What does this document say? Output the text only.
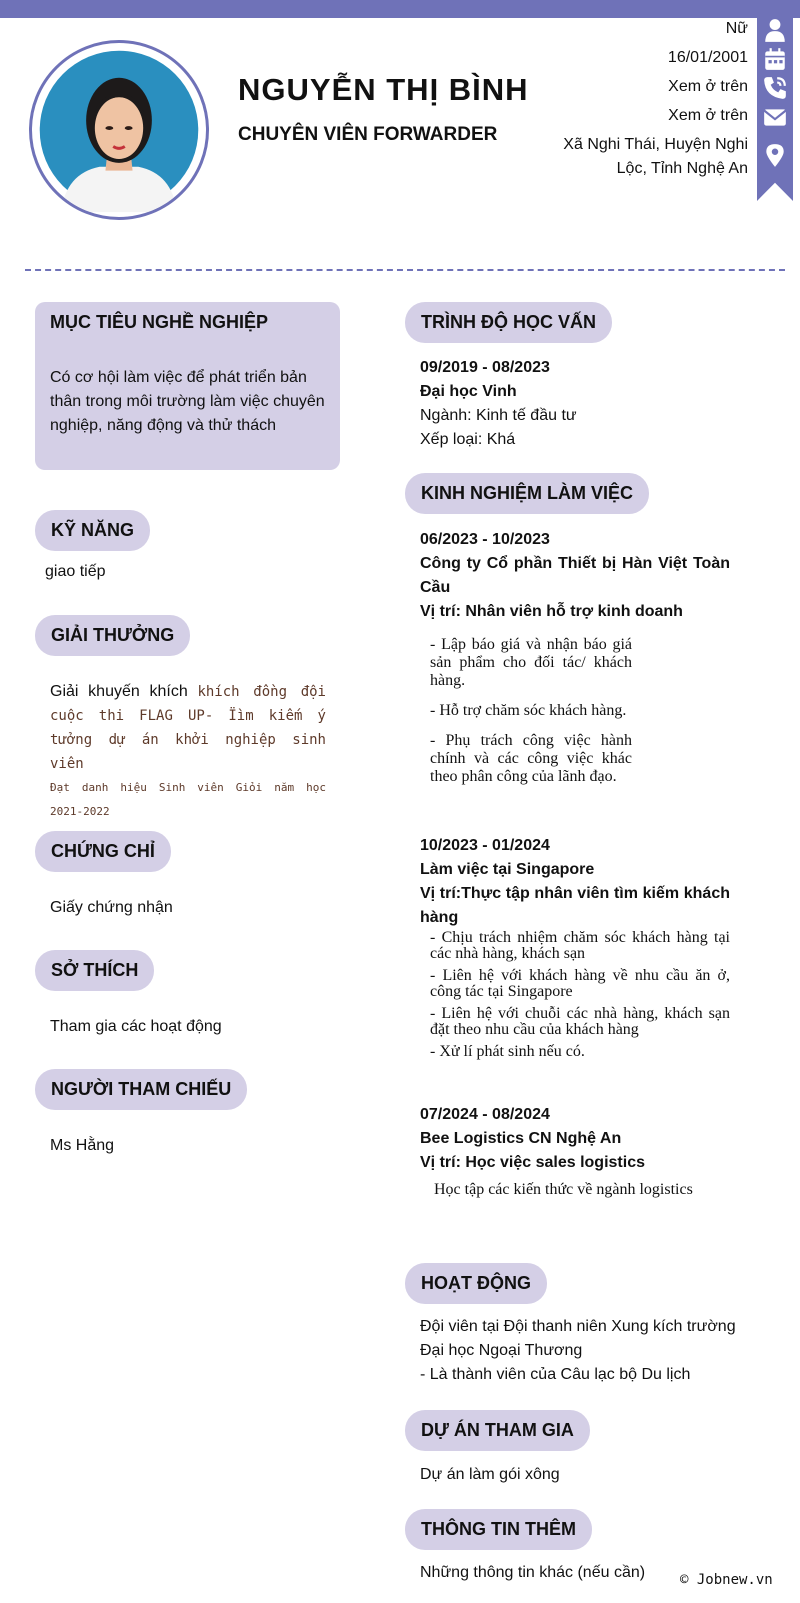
NGUYỄN THỊ BÌNH
CHUYÊN VIÊN FORWARDER
Nữ
16/01/2001
Xem ở trên
Xem ở trên
Xã Nghi Thái, Huyện Nghi
Lộc, Tỉnh Nghệ An
MỤC TIÊU NGHỀ NGHIỆP
Có cơ hội làm việc để phát triển bản
thân trong môi trường làm việc chuyên
nghiệp, năng động và thử thách
KỸ NĂNG
giao tiếp
GIẢI THƯỞNG
Giải khuyến khích khích đồng đội
cuộc thi FLAG UP- Ïìm kiếm ý
tưởng dự án khởi nghiệp sinh viên
Đạt danh hiệu Sinh viên Giỏi năm học
2021-2022
CHỨNG CHỈ
Giấy chứng nhận
SỞ THÍCH
Tham gia các hoạt động
NGƯỜI THAM CHIẾU
Ms Hằng
TRÌNH ĐỘ HỌC VẤN
09/2019 - 08/2023
Đại học Vinh
Ngành: Kinh tế đầu tư
Xếp loại: Khá
KINH NGHIỆM LÀM VIỆC
06/2023 - 10/2023
Công ty Cổ phần Thiết bị Hàn Việt Toàn
Cầu
Vị trí: Nhân viên hỗ trợ kinh doanh
- Lập báo giá và nhận báo giá
sản phẩm cho đối tác/ khách
hàng.
- Hỗ trợ chăm sóc khách hàng.
- Phụ trách công việc hành
chính và các công việc khác
theo phân công của lãnh đạo.
10/2023 - 01/2024
Làm việc tại Singapore
Vị trí:Thực tập nhân viên tìm kiếm khách
hàng
- Chịu trách nhiệm chăm sóc khách hàng tại
các nhà hàng, khách sạn
- Liên hệ với khách hàng về nhu cầu ăn ở,
công tác tại Singapore
- Liên hệ với chuỗi các nhà hàng, khách sạn
đặt theo nhu cầu của khách hàng
- Xử lí phát sinh nếu có.
07/2024 - 08/2024
Bee Logistics CN Nghệ An
Vị trí: Học việc sales logistics
Học tập các kiến thức về ngành logistics
HOẠT ĐỘNG
Đội viên tại Đội thanh niên Xung kích trường
Đại học Ngoại Thương
- Là thành viên của Câu lạc bộ Du lịch
DỰ ÁN THAM GIA
Dự án làm gói xông
THÔNG TIN THÊM
Những thông tin khác (nếu cần) © Jobnew.vn
